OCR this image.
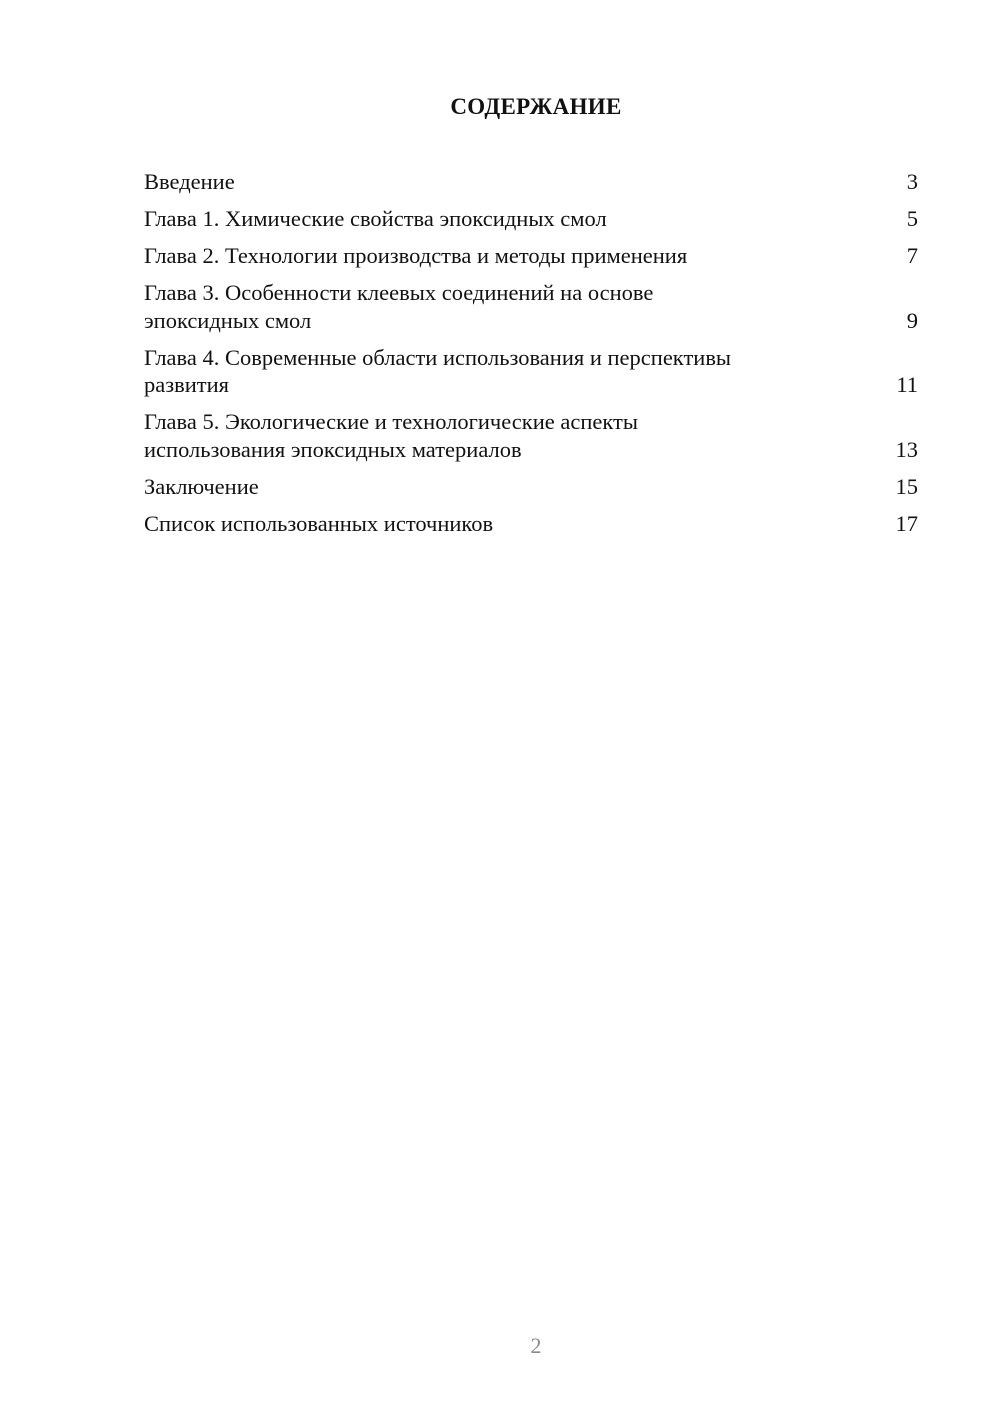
СОДЕРЖАНИЕ
Введение	3
Глава 1. Химические свойства эпоксидных смол	5
Глава 2. Технологии производства и методы применения	7
Глава 3. Особенности клеевых соединений на основе
эпоксидных смол	9
Глава 4. Современные области использования и перспективы
развития	11
Глава 5. Экологические и технологические аспекты
использования эпоксидных материалов	13
Заключение	15
Список использованных источников	17
2
